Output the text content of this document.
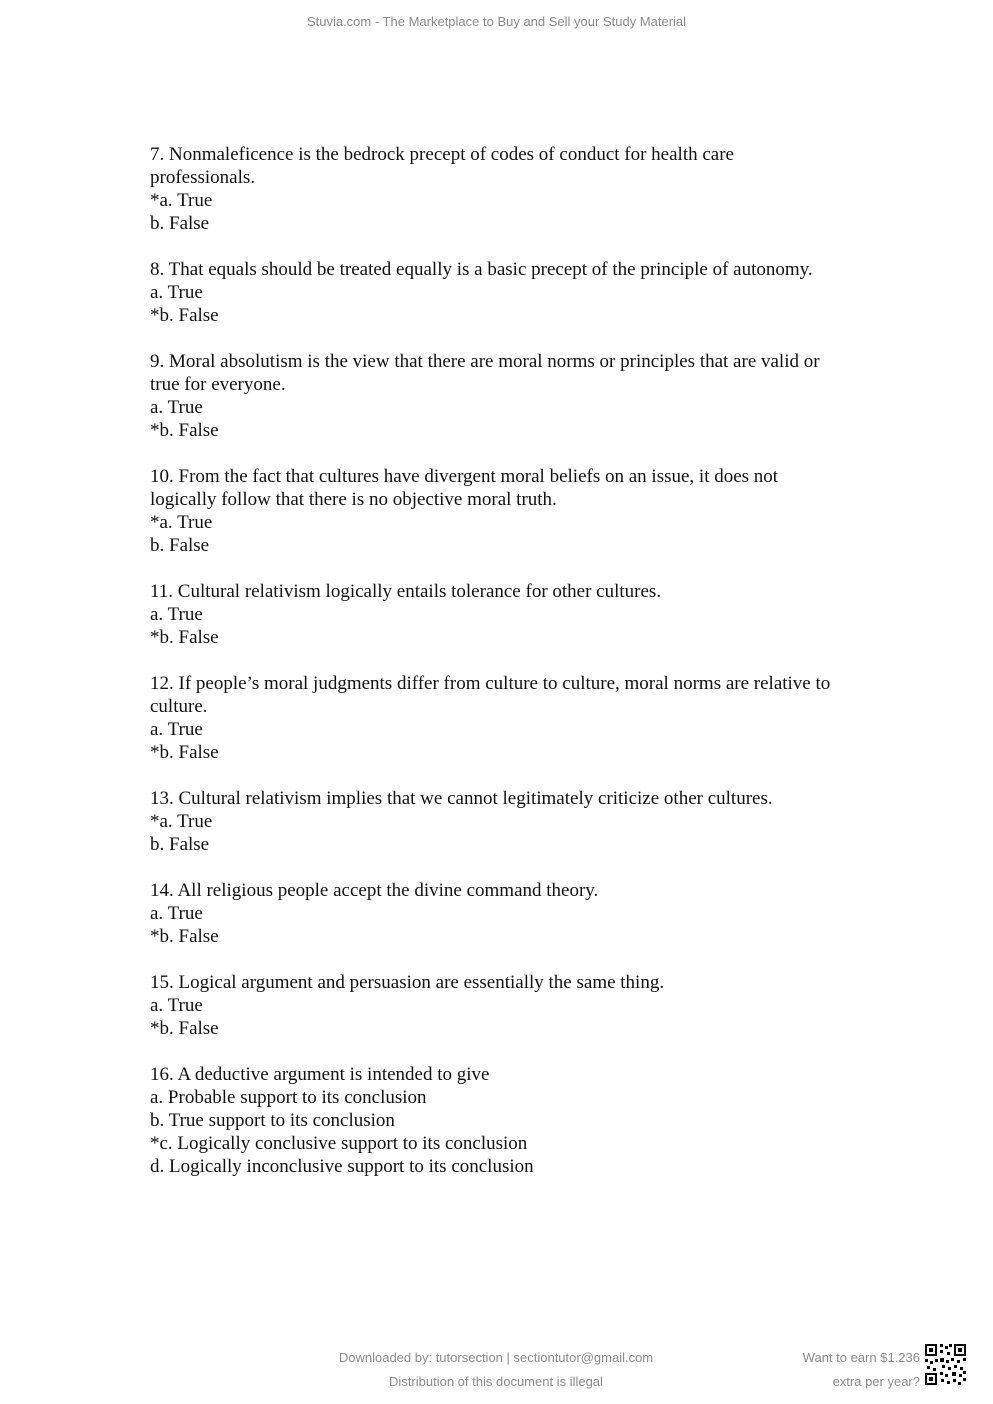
Stuvia.com - The Marketplace to Buy and Sell your Study Material
7. Nonmaleficence is the bedrock precept of codes of conduct for health care
professionals.
*a. True
b. False
8. That equals should be treated equally is a basic precept of the principle of autonomy.
a. True
*b. False
9. Moral absolutism is the view that there are moral norms or principles that are valid or
true for everyone.
a. True
*b. False
10. From the fact that cultures have divergent moral beliefs on an issue, it does not
logically follow that there is no objective moral truth.
*a. True
b. False
11. Cultural relativism logically entails tolerance for other cultures.
a. True
*b. False
12. If people’s moral judgments differ from culture to culture, moral norms are relative to
culture.
a. True
*b. False
13. Cultural relativism implies that we cannot legitimately criticize other cultures.
*a. True
b. False
14. All religious people accept the divine command theory.
a. True
*b. False
15. Logical argument and persuasion are essentially the same thing.
a. True
*b. False
16. A deductive argument is intended to give
a. Probable support to its conclusion
b. True support to its conclusion
*c. Logically conclusive support to its conclusion
d. Logically inconclusive support to its conclusion
Downloaded by: tutorsection | sectiontutor@gmail.com
Distribution of this document is illegal
Want to earn $1.236
extra per year?
